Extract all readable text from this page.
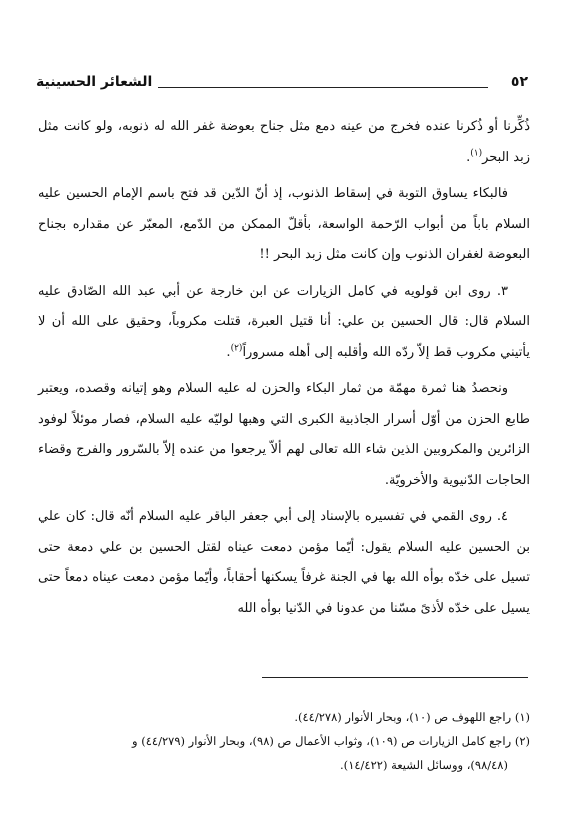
٥٢
الشعائر الحسينية

ذُكِّرنا أو ذُكرنا عنده فخرج من عينه دمع مثل جناح بعوضة غفر الله له ذنوبه، ولو كانت مثل زبد البحر$^{(١)}$.

فالبكاء يساوق التوبة في إسقاط الذنوب، إذ أنّ الدّين قد فتح باسم الإمام الحسين عليه السلام باباً من أبواب الرّحمة الواسعة، بأقلّ الممكن من الدّمع، المعبّر عن مقداره بجناح البعوضة لغفران الذنوب وإن كانت مثل زبد البحر !!

٣. روى ابن قولويه في كامل الزيارات عن ابن خارجة عن أبي عبد الله الصّادق عليه السلام قال: قال الحسين بن علي: أنا قتيل العبرة، قتلت مكروباً، وحقيق على الله أن لا يأتيني مكروب قط إلاّ ردّه الله وأقلبه إلى أهله مسروراً$^{(٢)}$.

ونحصدُ هنا ثمرة مهمّة من ثمار البكاء والحزن له عليه السلام وهو إتيانه وقصده، ويعتبر طابع الحزن من أوّل أسرار الجاذبية الكبرى التي وهبها لوليّه عليه السلام، فصار موئلاً لوفود الزائرين والمكروبين الذين شاء الله تعالى لهم ألاّ يرجعوا من عنده إلاّ بالسّرور والفرج وقضاء الحاجات الدّنيوية والأخرويّة.

٤. روى القمي في تفسيره بالإسناد إلى أبي جعفر الباقر عليه السلام أنّه قال: كان علي بن الحسين عليه السلام يقول: أيّما مؤمن دمعت عيناه لقتل الحسين بن علي دمعة حتى تسيل على خدّه بوأه الله بها في الجنة غرفاً يسكنها أحقاباً، وأيّما مؤمن دمعت عيناه دمعاً حتى يسيل على خدّه لأذىً مسّنا من عدونا في الدّنيا بوأه الله

(١) راجع اللهوف ص (١٠)، وبحار الأنوار (٤٤/٢٧٨).

(٢) راجع كامل الزيارات ص (١٠٩)، وثواب الأعمال ص (٩٨)، وبحار الأنوار (٤٤/٢٧٩) و

(٩٨/٤٨)، ووسائل الشيعة (١٤/٤٢٢).
